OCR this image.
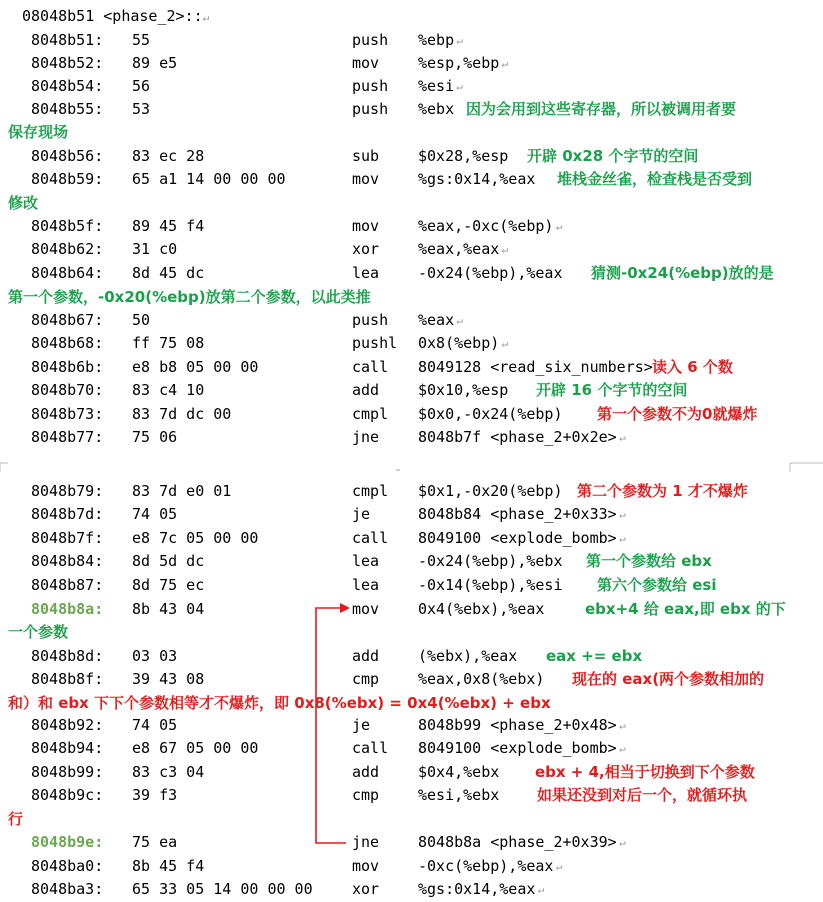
08048b51 <phase_2>::↵
8048b51: 55	push %ebp ↵
8048b52: 89 e5	mov	%esp,%ebp ↵
8048b54: 56	push %esi ↵
8048b55: 53	push %ebx 因为会用到这些寄存器，所以被调用者要
8048b56: 83 ec 28	sub	$0x28,%esp 开辟 0x28 个字节的空间
8048b59: 65 a1 14 00 00 00	mov	%gs:0x14,%eax 堆栈金丝雀，检查栈是否受到
8048b5f: 89 45 f4	mov	%eax,-0xc(%ebp) ↵
8048b62: 31 c0	xor	%eax,%eax ↵
8048b64: 8d 45 dc	lea	-0x24(%ebp),%eax 猜测-0x24(%ebp)放的是
8048b67: 50	push %eax ↵
8048b68: ff 75 08	pushl 0x8(%ebp) ↵
8048b6b: e8 b8 05 00 00	call 8049128 <read_six_numbers> 读入 6 个数
8048b70: 83 c4 10	add	$0x10,%esp 开辟 16 个字节的空间
8048b73: 83 7d dc 00	cmpl $0x0,-0x24(%ebp) 第一个参数不为0就爆炸
8048b77: 75 06	jne	8048b7f <phase_2+0x2e> ↵
8048b79: 83 7d e0 01	cmpl $0x1,-0x20(%ebp) 第二个参数为 1 才不爆炸
8048b7d: 74 05	je	8048b84 <phase_2+0x33> ↵
8048b7f: e8 7c 05 00 00	call 8049100 <explode_bomb> ↵
8048b84: 8d 5d dc	lea	-0x24(%ebp),%ebx 第一个参数给 ebx
8048b87: 8d 75 ec	lea	-0x14(%ebp),%esi 第六个参数给 esi
8048b8a: 8b 43 04	mov	0x4(%ebx),%eax	ebx+4 给 eax,即 ebx 的下
8048b8d: 03 03	add	(%ebx),%eax eax += ebx
8048b8f: 39 43 08	cmp	%eax,0x8(%ebx) 现在的 eax(两个参数相加的
8048b92: 74 05	je	8048b99 <phase_2+0x48> ↵
8048b94: e8 67 05 00 00	call 8049100 <explode_bomb> ↵
8048b99: 83 c3 04	add	$0x4,%ebx ebx + 4,相当于切换到下个参数
8048b9c: 39 f3	cmp	%esi,%ebx	如果还没到对后一个，就循环执
8048b9e: 75 ea	jne	8048b8a <phase_2+0x39> ↵
8048ba0: 8b 45 f4	mov	-0xc(%ebp),%eax ↵
8048ba3: 65 33 05 14 00 00 00	xor	%gs:0x14,%eax ↵
保存现场
修改
第一个参数，-0x20(%ebp)放第二个参数，以此类推
一个参数
和）和 ebx 下下个参数相等才不爆炸，即 0x8(%ebx) = 0x4(%ebx) + ebx
行
